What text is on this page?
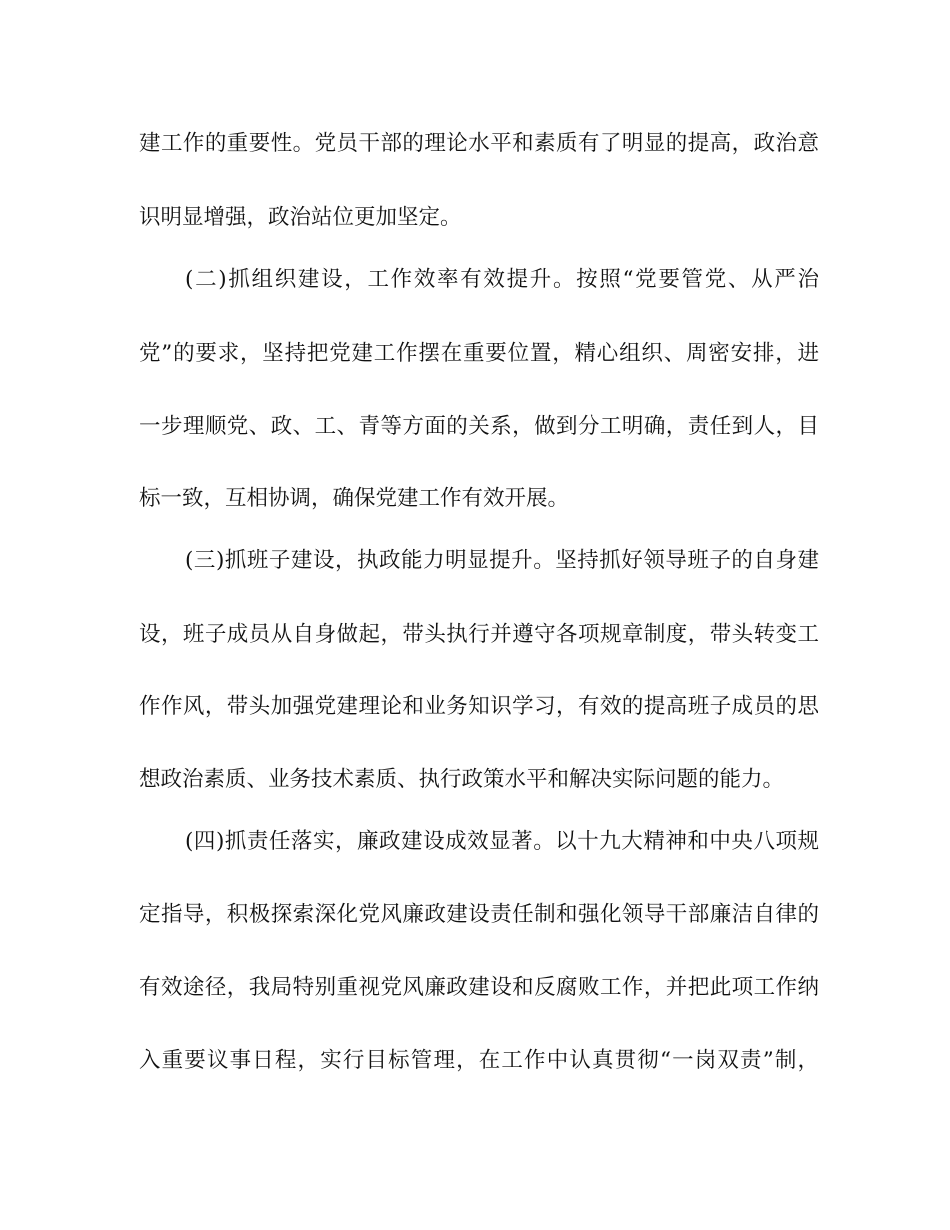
建工作的重要性。党员干部的理论水平和素质有了明显的提高，政治意
识明显增强，政治站位更加坚定。
(二)抓组织建设，工作效率有效提升。按照“党要管党、从严治
党”的要求，坚持把党建工作摆在重要位置，精心组织、周密安排，进
一步理顺党、政、工、青等方面的关系，做到分工明确，责任到人，目
标一致，互相协调，确保党建工作有效开展。
(三)抓班子建设，执政能力明显提升。坚持抓好领导班子的自身建
设，班子成员从自身做起，带头执行并遵守各项规章制度，带头转变工
作作风，带头加强党建理论和业务知识学习，有效的提高班子成员的思
想政治素质、业务技术素质、执行政策水平和解决实际问题的能力。
(四)抓责任落实，廉政建设成效显著。以十九大精神和中央八项规
定指导，积极探索深化党风廉政建设责任制和强化领导干部廉洁自律的
有效途径，我局特别重视党风廉政建设和反腐败工作，并把此项工作纳
入重要议事日程，实行目标管理，在工作中认真贯彻“一岗双责”制，
